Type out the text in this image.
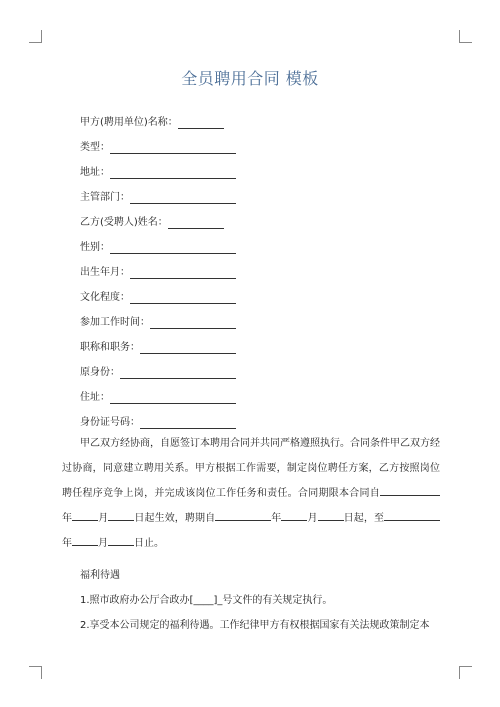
全员聘用合同 模板
甲方(聘用单位)名称：
类型：
地址：
主管部门：
乙方(受聘人)姓名：
性别：
出生年月：
文化程度：
参加工作时间：
职称和职务：
原身份：
住址：
身份证号码：
甲乙双方经协商，自愿签订本聘用合同并共同严格遵照执行。合同条件甲乙双方经过协商，同意建立聘用关系。甲方根据工作需要，制定岗位聘任方案，乙方按照岗位聘任程序竞争上岗，并完成该岗位工作任务和责任。合同期限本合同自年	月	日起生效，聘期自	年	月	日起，至年	月	日止。
福利待遇
1.照市政府办公厅合政办[____]_号文件的有关规定执行。
2.享受本公司规定的福利待遇。工作纪律甲方有权根据国家有关法规政策制定本
